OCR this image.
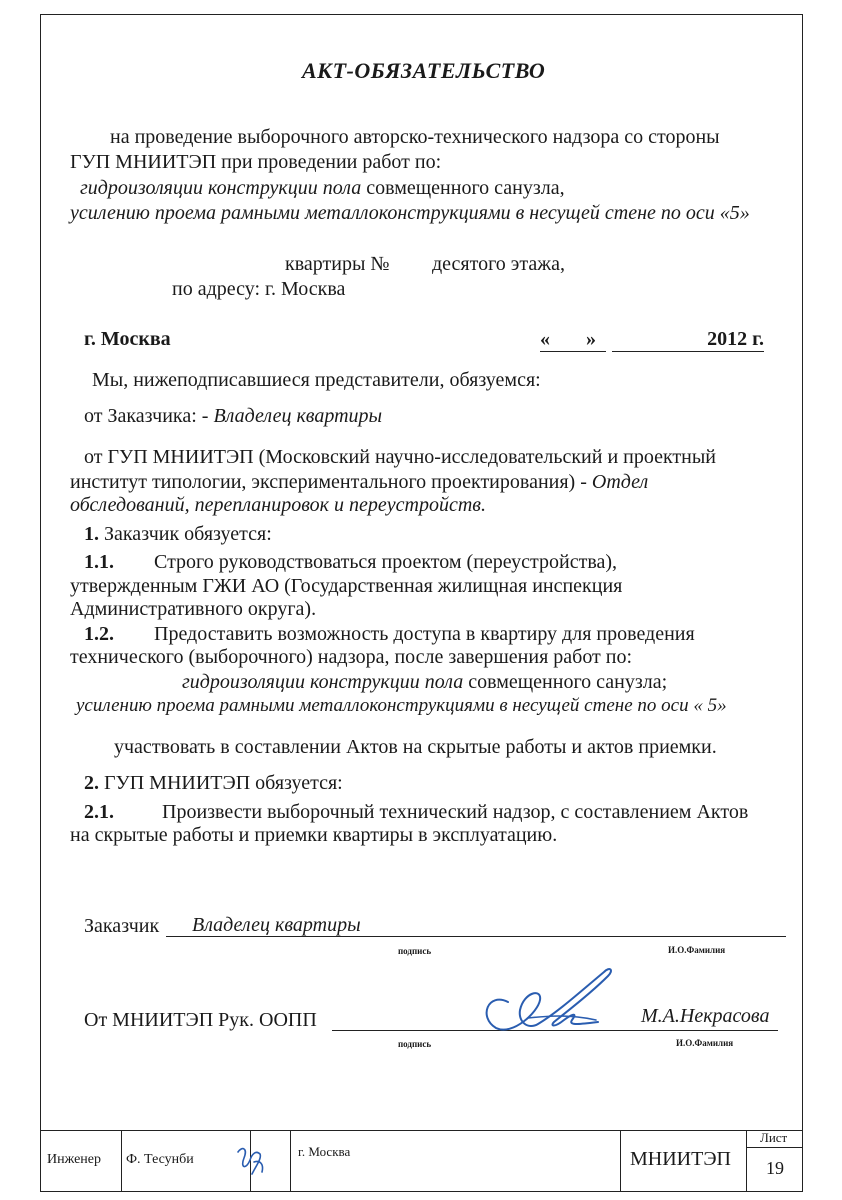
АКТ-ОБЯЗАТЕЛЬСТВО
на проведение выборочного авторско-технического надзора со стороны
ГУП МНИИТЭП при проведении работ по:
гидроизоляции конструкции пола совмещенного санузла,
усилению проема рамными металлоконструкциями в несущей стене по оси «5»
квартиры № десятого этажа,
по адресу: г. Москва
г. Москва	« »	2012 г.
Мы, нижеподписавшиеся представители, обязуемся:
от Заказчика: - Владелец квартиры
от ГУП МНИИТЭП (Московский научно-исследовательский и проектный
институт типологии, экспериментального проектирования) - Отдел
обследований, перепланировок и переустройств.
1. Заказчик обязуется:
1.1. Строго руководствоваться проектом (переустройства),
утвержденным ГЖИ АО (Государственная жилищная инспекция
Административного округа).
1.2. Предоставить возможность доступа в квартиру для проведения
технического (выборочного) надзора, после завершения работ по:
гидроизоляции конструкции пола совмещенного санузла;
усилению проема рамными металлоконструкциями в несущей стене по оси « 5»
участвовать в составлении Актов на скрытые работы и актов приемки.
2. ГУП МНИИТЭП обязуется:
2.1. Произвести выборочный технический надзор, с составлением Актов
на скрытые работы и приемки квартиры в эксплуатацию.
Заказчик Владелец квартиры
подпись	И.О.Фамилия
От МНИИТЭП Рук. ООПП	М.А.Некрасова
подпись	И.О.Фамилия
Инженер Ф. Тесунби
г. Москва	МНИИТЭП
Лист
19
